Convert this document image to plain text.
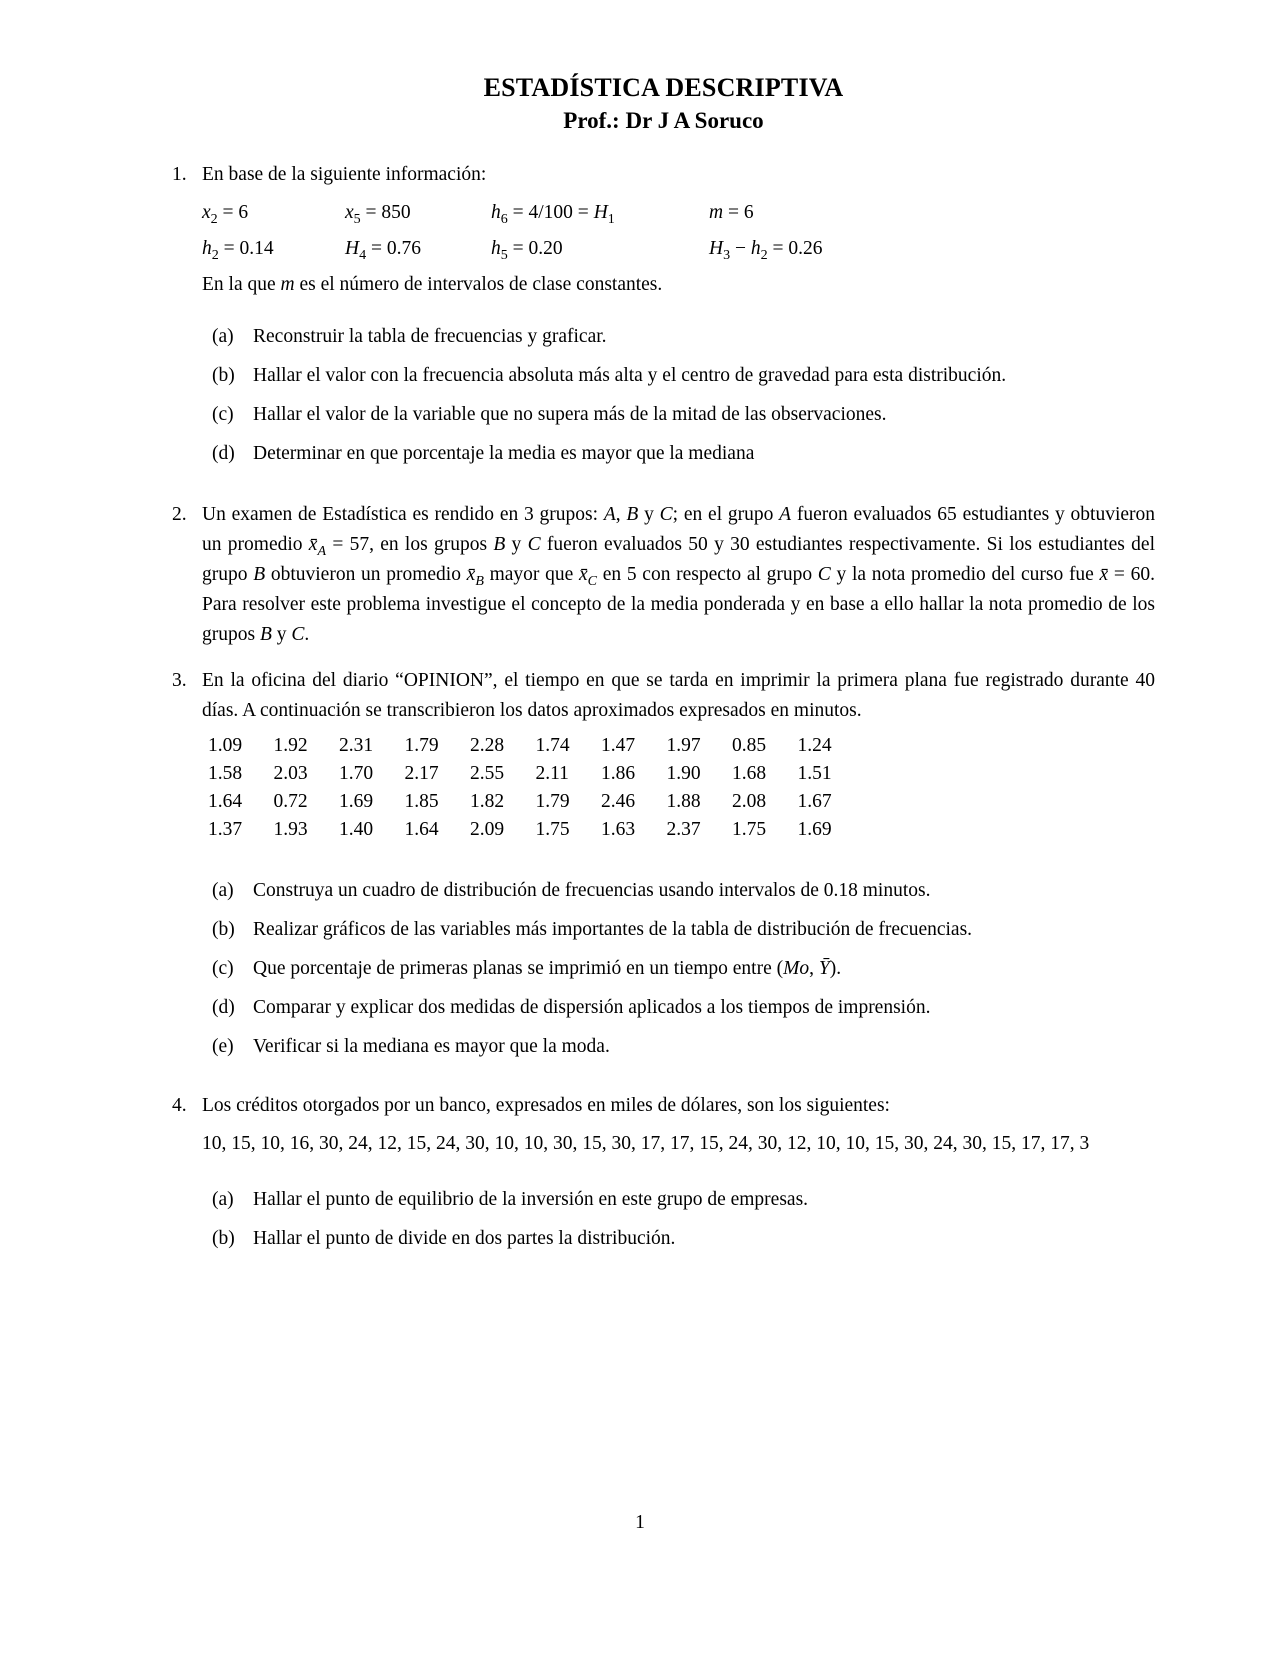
ESTADÍSTICA DESCRIPTIVA
Prof.: Dr J A Soruco
1. En base de la siguiente información:
$x_2 = 6$	$x_5 = 850$	$h_6 = 4/100 = H_1$	m = 6
$h_2 = 0.14$	$H_4 = 0.76$	$h_5 = 0.20$	$H_3 - h_2 = 0.26$
En la que m es el número de intervalos de clase constantes.
(a) Reconstruir la tabla de frecuencias y graficar.
(b) Hallar el valor con la frecuencia absoluta más alta y el centro de gravedad para esta distribución.
(c) Hallar el valor de la variable que no supera más de la mitad de las observaciones.
(d) Determinar en que porcentaje la media es mayor que la mediana
2. Un examen de Estadística es rendido en 3 grupos: A, B y C; en el grupo A fueron evaluados 65 estudiantes y obtuvieron un promedio $x̄_A = 57$, en los grupos B y C fueron evaluados 50 y 30 estudiantes respectivamente. Si los estudiantes del grupo B obtuvieron un promedio $x̄_B$ mayor que $x̄_C$ en 5 con respecto al grupo C y la nota promedio del curso fue x̄ = 60. Para resolver este problema investigue el concepto de la media ponderada y en base a ello hallar la nota promedio de los grupos B y C.
3. En la oficina del diario “OPINION”, el tiempo en que se tarda en imprimir la primera plana fue registrado durante 40 días. A continuación se transcribieron los datos aproximados expresados en minutos.
1.09	1.92	2.31	1.79	2.28	1.74	1.47	1.97	0.85	1.24
1.58	2.03	1.70	2.17	2.55	2.11	1.86	1.90	1.68	1.51
1.64	0.72	1.69	1.85	1.82	1.79	2.46	1.88	2.08	1.67
1.37	1.93	1.40	1.64	2.09	1.75	1.63	2.37	1.75	1.69
(a) Construya un cuadro de distribución de frecuencias usando intervalos de 0.18 minutos.
(b) Realizar gráficos de las variables más importantes de la tabla de distribución de frecuencias.
(c) Que porcentaje de primeras planas se imprimió en un tiempo entre (Mo, Ȳ).
(d) Comparar y explicar dos medidas de dispersión aplicados a los tiempos de imprensión.
(e) Verificar si la mediana es mayor que la moda.
4. Los créditos otorgados por un banco, expresados en miles de dólares, son los siguientes:
10, 15, 10, 16, 30, 24, 12, 15, 24, 30, 10, 10, 30, 15, 30, 17, 17, 15, 24, 30, 12, 10, 10, 15, 30, 24, 30, 15, 17, 17, 3
(a) Hallar el punto de equilibrio de la inversión en este grupo de empresas.
(b) Hallar el punto de divide en dos partes la distribución.
1
